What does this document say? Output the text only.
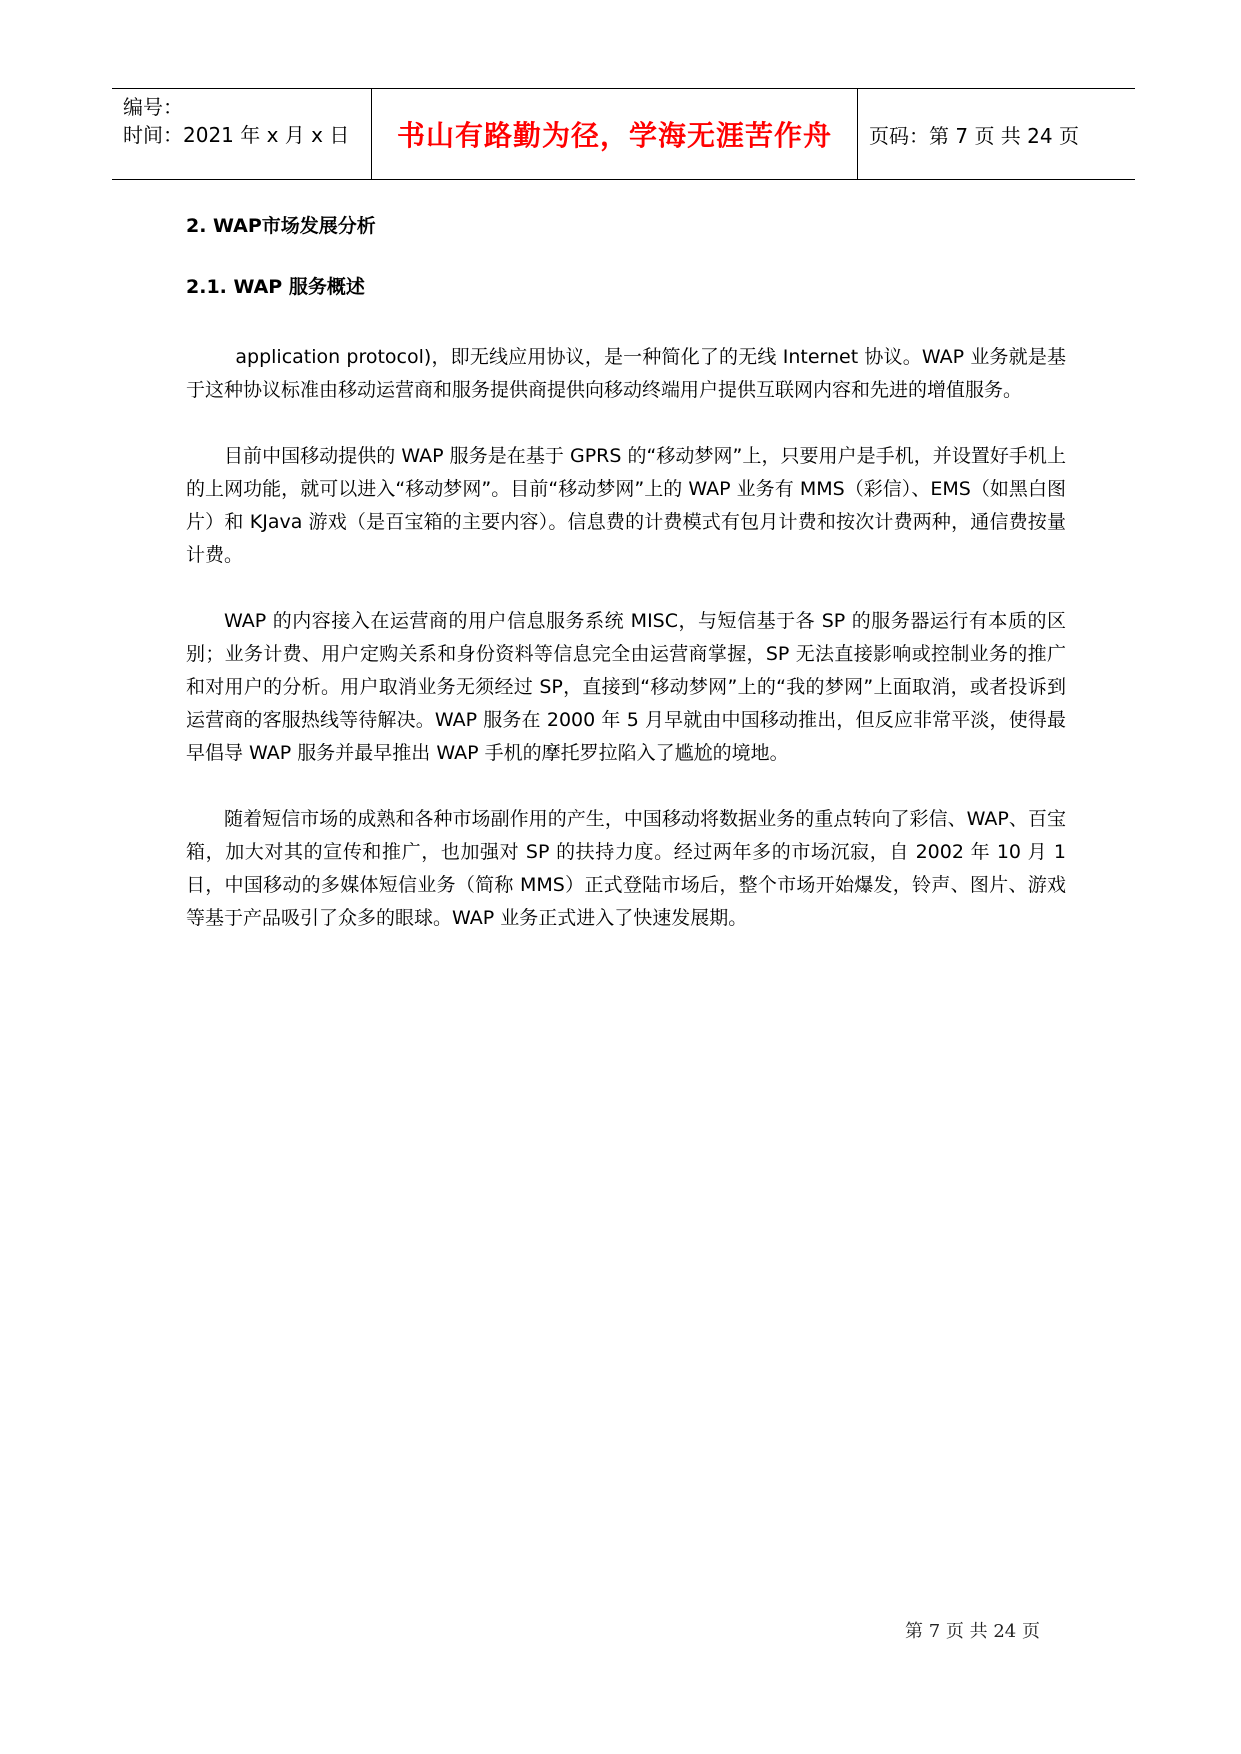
编号：
时间：2021 年 x 月 x 日	书山有路勤为径，学海无涯苦作舟 页码：第 7 页 共 24 页
2. WAP市场发展分析
2.1. WAP 服务概述

application protocol)，即无线应用协议，是一种简化了的无线 Internet 协议。WAP 业务就是基于这种协议标准由移动运营商和服务提供商提供向移动终端用户提供互联网内容和先进的增值服务。

目前中国移动提供的 WAP 服务是在基于 GPRS 的“移动梦网”上，只要用户是手机，并设置好手机上的上网功能，就可以进入“移动梦网”。目前“移动梦网”上的 WAP 业务有 MMS（彩信）、EMS（如黑白图片）和 KJava 游戏（是百宝箱的主要内容）。信息费的计费模式有包月计费和按次计费两种，通信费按量计费。

WAP 的内容接入在运营商的用户信息服务系统 MISC，与短信基于各 SP 的服务器运行有本质的区别；业务计费、用户定购关系和身份资料等信息完全由运营商掌握，SP 无法直接影响或控制业务的推广和对用户的分析。用户取消业务无须经过 SP，直接到“移动梦网”上的“我的梦网”上面取消，或者投诉到运营商的客服热线等待解决。WAP 服务在 2000 年 5 月早就由中国移动推出，但反应非常平淡，使得最早倡导 WAP 服务并最早推出 WAP 手机的摩托罗拉陷入了尴尬的境地。

随着短信市场的成熟和各种市场副作用的产生，中国移动将数据业务的重点转向了彩信、WAP、百宝箱，加大对其的宣传和推广，也加强对 SP 的扶持力度。经过两年多的市场沉寂，自 2002 年 10 月 1 日，中国移动的多媒体短信业务（简称 MMS）正式登陆市场后，整个市场开始爆发，铃声、图片、游戏等基于产品吸引了众多的眼球。WAP 业务正式进入了快速发展期。

第 7 页 共 24 页
